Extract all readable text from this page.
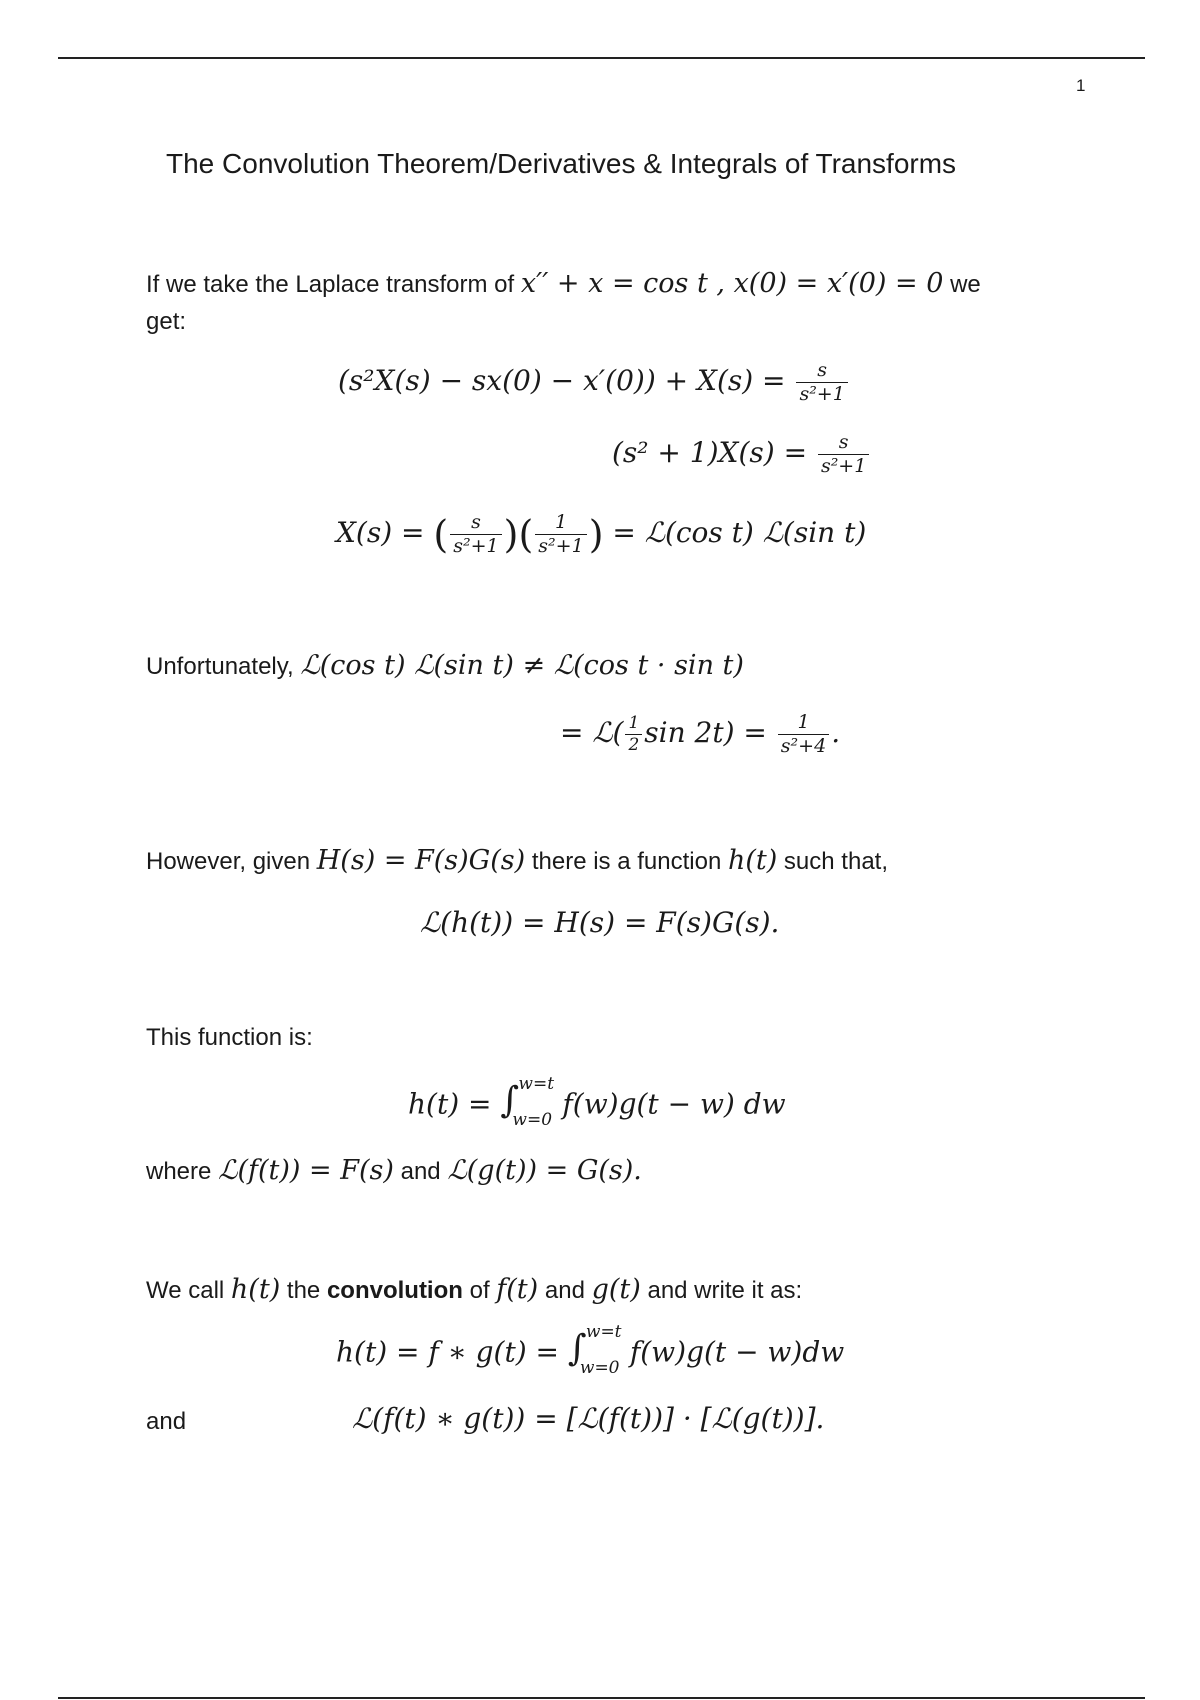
1
The Convolution Theorem/Derivatives & Integrals of Transforms
If we take the Laplace transform of x′′ + x = cos t , x(0) = x′(0) = 0 we
get:
$(s^2X(s) - sx(0) - x'(0)) + X(s) = \frac{s}{\text{s²+1}}$
$(s^2 + 1)X(s) = \frac{s}{\text{s²+1}}$
X(s) = ( $\frac{s}{\text{s²+1}}$ )( $\frac{1}{\text{s²+1}}$ ) = ℒ(cos t) ℒ(sin t)
Unfortunately, ℒ(cos t) ℒ(sin t) ≠ ℒ(cos t · sin t)
= ℒ( $\frac{1}{2}$ $\sin 2t) = \frac{1}{\text{s²+4}}$ .
However, given H(s) = F(s)G(s) there is a function h(t) such that,
ℒ(h(t)) = H(s) = F(s)G(s).
This function is:
h(t) = ∫ w=t
w=0 f(w)g(t − w) dw
where ℒ(f(t)) = F(s) and ℒ(g(t)) = G(s).
We call h(t) the convolution of f(t) and g(t) and write it as:
h(t) = f ∗ g(t) = ∫ w=t
w=0 f(w)g(t − w)dw
and	ℒ(f(t) ∗ g(t)) = [ℒ(f(t))] · [ℒ(g(t))].
